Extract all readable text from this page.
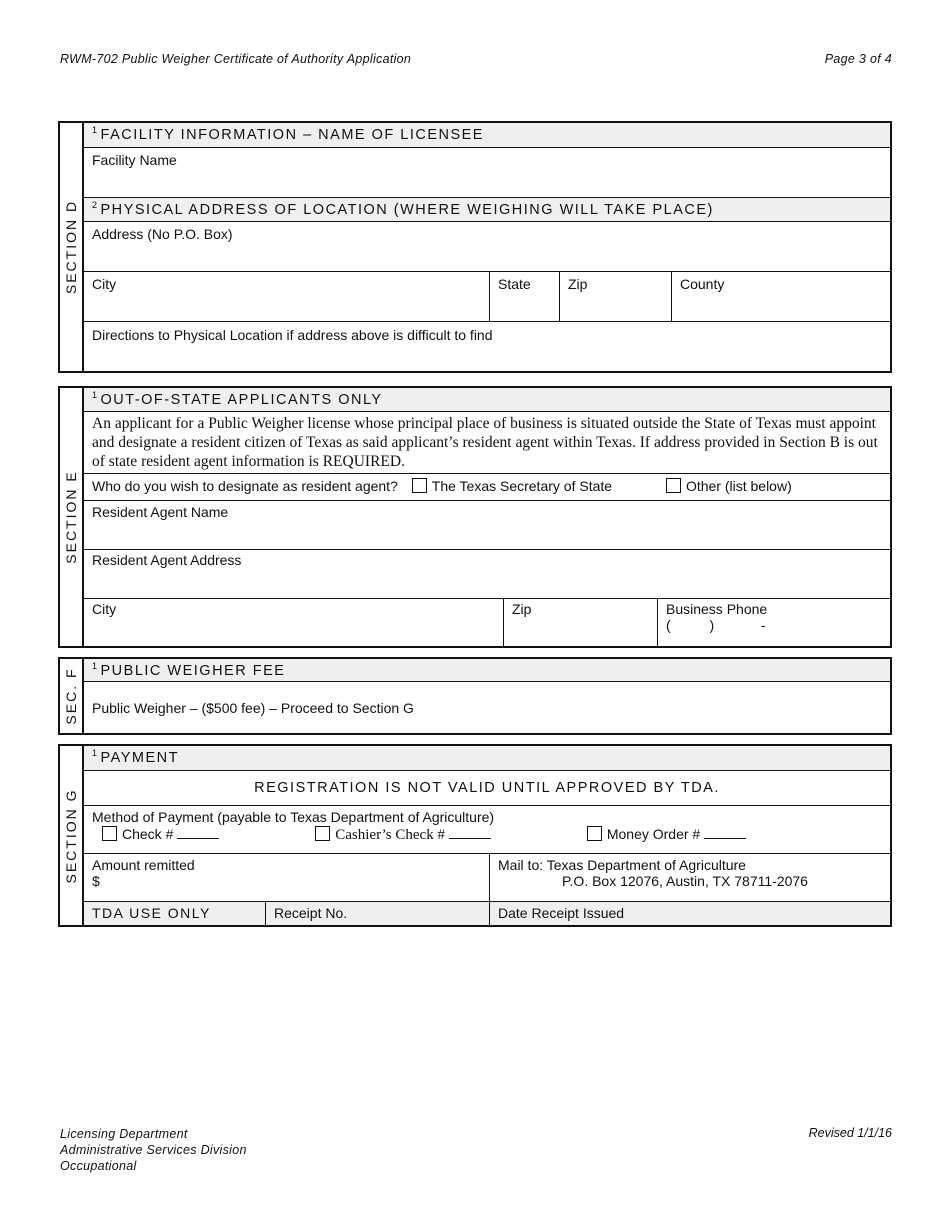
RWM-702 Public Weigher Certificate of Authority Application	Page 3 of 4
SECTION D
$^1$ FACILITY INFORMATION – NAME OF LICENSEE
Facility Name
$^2$ PHYSICAL ADDRESS OF LOCATION (WHERE WEIGHING WILL TAKE PLACE)
Address (No P.O. Box)
City	State	Zip	County
Directions to Physical Location if address above is difficult to find
SECTION E
$^1$ OUT-OF-STATE APPLICANTS ONLY
An applicant for a Public Weigher license whose principal place of business is situated outside the State of Texas must appoint and designate a resident citizen of Texas as said applicant’s resident agent within Texas. If address provided in Section B is out of state resident agent information is REQUIRED.
Who do you wish to designate as resident agent? The Texas Secretary of State	Other (list below)
Resident Agent Name
Resident Agent Address
City	Zip	Business Phone
(          )            -
SEC. F
$^1$ PUBLIC WEIGHER FEE
Public Weigher – ($500 fee) – Proceed to Section G
SECTION G
$^1$ PAYMENT
REGISTRATION IS NOT VALID UNTIL APPROVED BY TDA.
Method of Payment (payable to Texas Department of Agriculture)
Check #	Cashier’s Check #	Money Order #
Amount remitted
$
Mail to: Texas Department of Agriculture
P.O. Box 12076, Austin, TX 78711-2076
TDA USE ONLY	Receipt No.	Date Receipt Issued
Licensing Department
Administrative Services Division
Occupational
Revised 1/1/16
